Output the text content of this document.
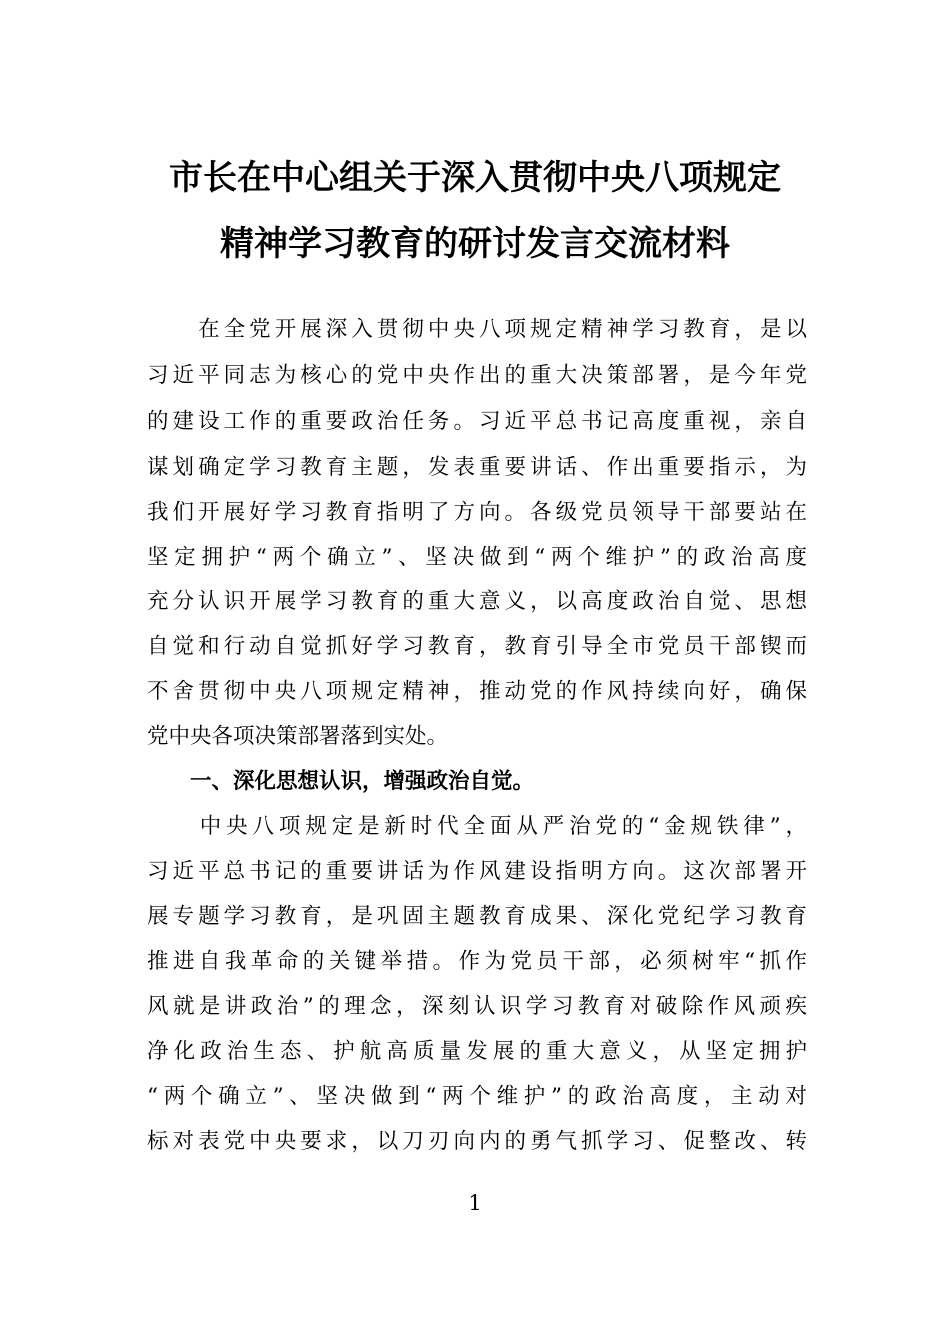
市长在中心组关于深入贯彻中央八项规定
精神学习教育的研讨发言交流材料
　　在全党开展深入贯彻中央八项规定精神学习教育，是以
习近平同志为核心的党中央作出的重大决策部署，是今年党
的建设工作的重要政治任务。习近平总书记高度重视，亲自
谋划确定学习教育主题，发表重要讲话、作出重要指示，为
我们开展好学习教育指明了方向。各级党员领导干部要站在
坚定拥护“两个确立”、坚决做到“两个维护”的政治高度
充分认识开展学习教育的重大意义，以高度政治自觉、思想
自觉和行动自觉抓好学习教育，教育引导全市党员干部锲而
不舍贯彻中央八项规定精神，推动党的作风持续向好，确保
党中央各项决策部署落到实处。
一、深化思想认识，增强政治自觉。
　　中央八项规定是新时代全面从严治党的“金规铁律”，
习近平总书记的重要讲话为作风建设指明方向。这次部署开
展专题学习教育，是巩固主题教育成果、深化党纪学习教育
推进自我革命的关键举措。作为党员干部，必须树牢“抓作
风就是讲政治”的理念，深刻认识学习教育对破除作风顽疾
净化政治生态、护航高质量发展的重大意义，从坚定拥护
“两个确立”、坚决做到“两个维护”的政治高度，主动对
标对表党中央要求，以刀刃向内的勇气抓学习、促整改、转
1
